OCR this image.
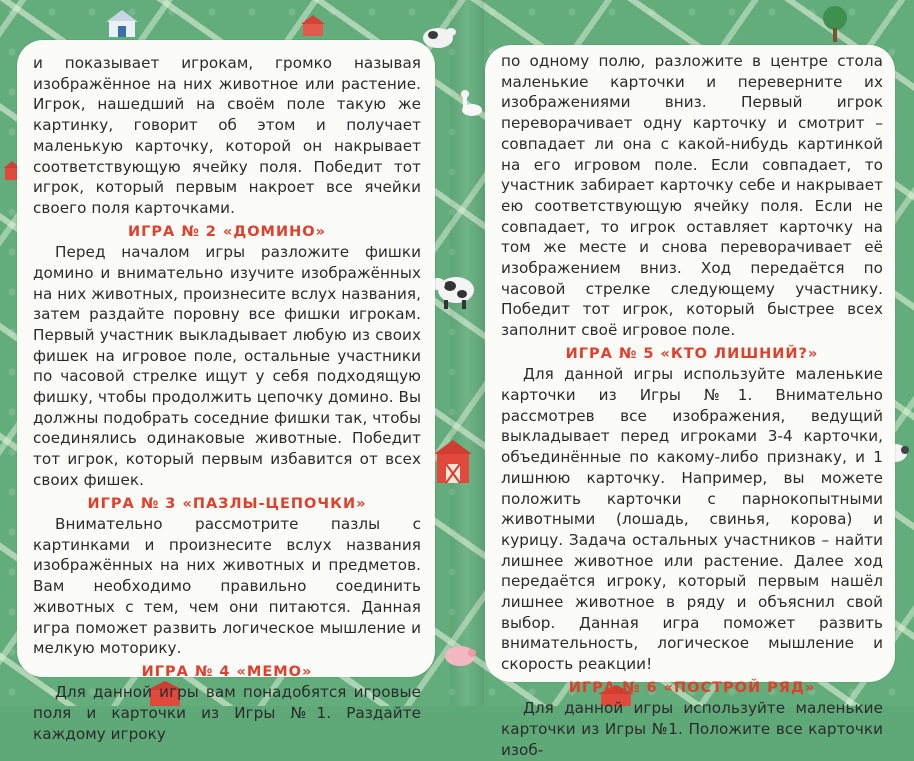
и показывает игрокам, громко называя изображённое на них животное или растение. Игрок, нашедший на своём поле такую же картинку, говорит об этом и получает маленькую карточку, которой он накрывает соответствующую ячейку поля. Победит тот игрок, который первым накроет все ячейки своего поля карточками.

ИГРА № 2 «ДОМИНО»

Перед началом игры разложите фишки домино и внимательно изучите изображённых на них животных, произнесите вслух названия, затем раздайте поровну все фишки игрокам. Первый участник выкладывает любую из своих фишек на игровое поле, остальные участники по часовой стрелке ищут у себя подходящую фишку, чтобы продолжить цепочку домино. Вы должны подобрать соседние фишки так, чтобы соединялись одинаковые животные. Победит тот игрок, который первым избавится от всех своих фишек.

ИГРА № 3 «ПАЗЛЫ-ЦЕПОЧКИ»

Внимательно рассмотрите пазлы с картинками и произнесите вслух названия изображённых на них животных и предметов. Вам необходимо правильно соединить животных с тем, чем они питаются. Данная игра поможет развить логическое мышление и мелкую моторику.

ИГРА № 4 «МЕМО»

Для данной игры вам понадобятся игровые поля и карточки из Игры №1. Раздайте каждому игроку

по одному полю, разложите в центре стола маленькие карточки и переверните их изображениями вниз. Первый игрок переворачивает одну карточку и смотрит – совпадает ли она с какой-нибудь картинкой на его игровом поле. Если совпадает, то участник забирает карточку себе и накрывает ею соответствующую ячейку поля. Если не совпадает, то игрок оставляет карточку на том же месте и снова переворачивает её изображением вниз. Ход передаётся по часовой стрелке следующему участнику. Победит тот игрок, который быстрее всех заполнит своё игровое поле.

ИГРА № 5 «КТО ЛИШНИЙ?»

Для данной игры используйте маленькие карточки из Игры №1. Внимательно рассмотрев все изображения, ведущий выкладывает перед игроками 3-4 карточки, объединённые по какому-либо признаку, и 1 лишнюю карточку. Например, вы можете положить карточки с парнокопытными животными (лошадь, свинья, корова) и курицу. Задача остальных участников – найти лишнее животное или растение. Далее ход передаётся игроку, который первым нашёл лишнее животное в ряду и объяснил свой выбор. Данная игра поможет развить внимательность, логическое мышление и скорость реакции!

ИГРА № 6 «ПОСТРОЙ РЯД»

Для данной игры используйте маленькие карточки из Игры №1. Положите все карточки изоб-
